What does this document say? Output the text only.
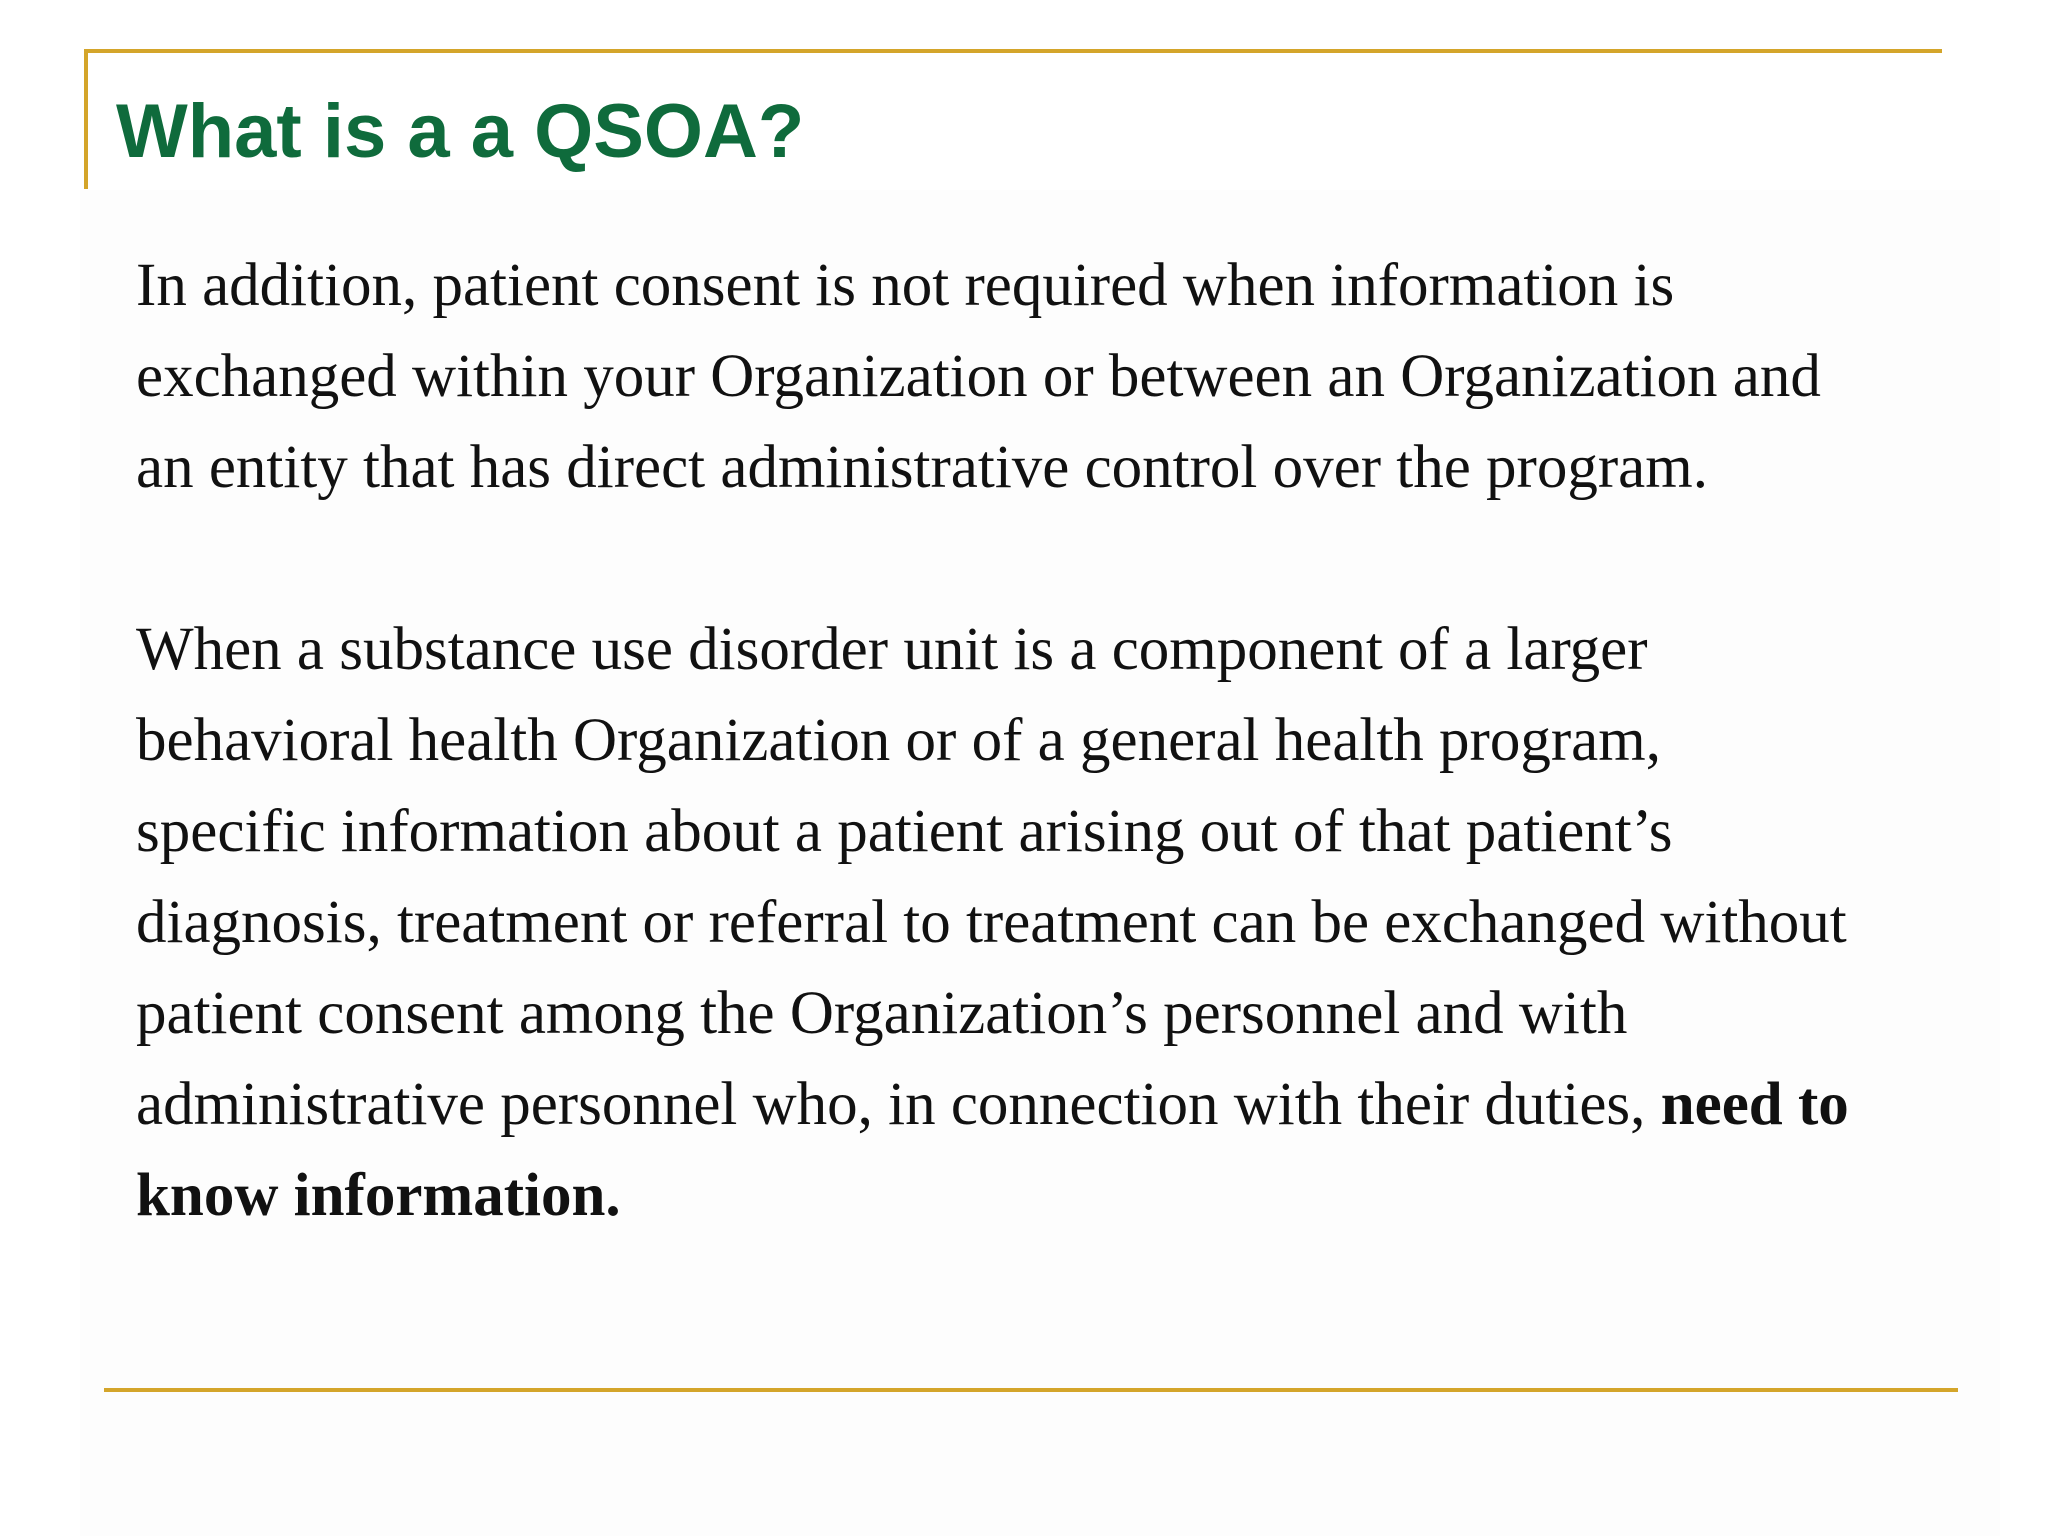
What is a a QSOA?
In addition, patient consent is not required when information is
exchanged within your Organization or between an Organization and
an entity that has direct administrative control over the program.
When a substance use disorder unit is a component of a larger
behavioral health Organization or of a general health program,
specific information about a patient arising out of that patient’s
diagnosis, treatment or referral to treatment can be exchanged without
patient consent among the Organization’s personnel and with
administrative personnel who, in connection with their duties, need to
know information.
